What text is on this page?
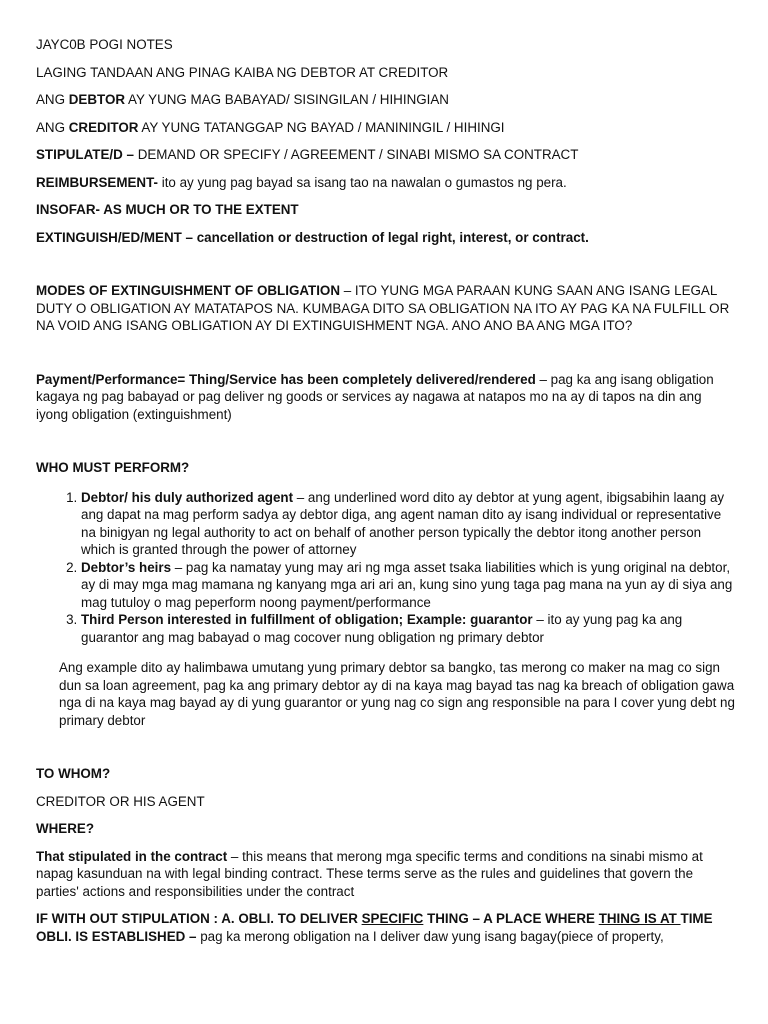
JAYC0B POGI NOTES

LAGING TANDAAN ANG PINAG KAIBA NG DEBTOR AT CREDITOR

ANG DEBTOR AY YUNG MAG BABAYAD/ SISINGILAN / HIHINGIAN

ANG CREDITOR AY YUNG TATANGGAP NG BAYAD / MANININGIL / HIHINGI

STIPULATE/D – DEMAND OR SPECIFY / AGREEMENT / SINABI MISMO SA CONTRACT

REIMBURSEMENT- ito ay yung pag bayad sa isang tao na nawalan o gumastos ng pera.

INSOFAR- AS MUCH OR TO THE EXTENT

EXTINGUISH/ED/MENT – cancellation or destruction of legal right, interest, or contract.

MODES OF EXTINGUISHMENT OF OBLIGATION – ITO YUNG MGA PARAAN KUNG SAAN ANG ISANG LEGAL DUTY O OBLIGATION AY MATATAPOS NA. KUMBAGA DITO SA OBLIGATION NA ITO AY PAG KA NA FULFILL OR NA VOID ANG ISANG OBLIGATION AY DI EXTINGUISHMENT NGA. ANO ANO BA ANG MGA ITO?

Payment/Performance= Thing/Service has been completely delivered/rendered – pag ka ang isang obligation kagaya ng pag babayad or pag deliver ng goods or services ay nagawa at natapos mo na ay di tapos na din ang iyong obligation (extinguishment)

WHO MUST PERFORM?

1. Debtor/ his duly authorized agent – ang underlined word dito ay debtor at yung agent, ibigsabihin laang ay ang dapat na mag perform sadya ay debtor diga, ang agent naman dito ay isang individual or representative na binigyan ng legal authority to act on behalf of another person typically the debtor itong another person which is granted through the power of attorney
2. Debtor’s heirs – pag ka namatay yung may ari ng mga asset tsaka liabilities which is yung original na debtor, ay di may mga mag mamana ng kanyang mga ari ari an, kung sino yung taga pag mana na yun ay di siya ang mag tutuloy o mag peperform noong payment/performance
3. Third Person interested in fulfillment of obligation; Example: guarantor – ito ay yung pag ka ang guarantor ang mag babayad o mag cocover nung obligation ng primary debtor

Ang example dito ay halimbawa umutang yung primary debtor sa bangko, tas merong co maker na mag co sign dun sa loan agreement, pag ka ang primary debtor ay di na kaya mag bayad tas nag ka breach of obligation gawa nga di na kaya mag bayad ay di yung guarantor or yung nag co sign ang responsible na para I cover yung debt ng primary debtor

TO WHOM?

CREDITOR OR HIS AGENT

WHERE?

That stipulated in the contract – this means that merong mga specific terms and conditions na sinabi mismo at napag kasunduan na with legal binding contract. These terms serve as the rules and guidelines that govern the parties' actions and responsibilities under the contract

IF WITH OUT STIPULATION : A. OBLI. TO DELIVER SPECIFIC THING – A PLACE WHERE THING IS AT TIME OBLI. IS ESTABLISHED – pag ka merong obligation na I deliver daw yung isang bagay(piece of property,
